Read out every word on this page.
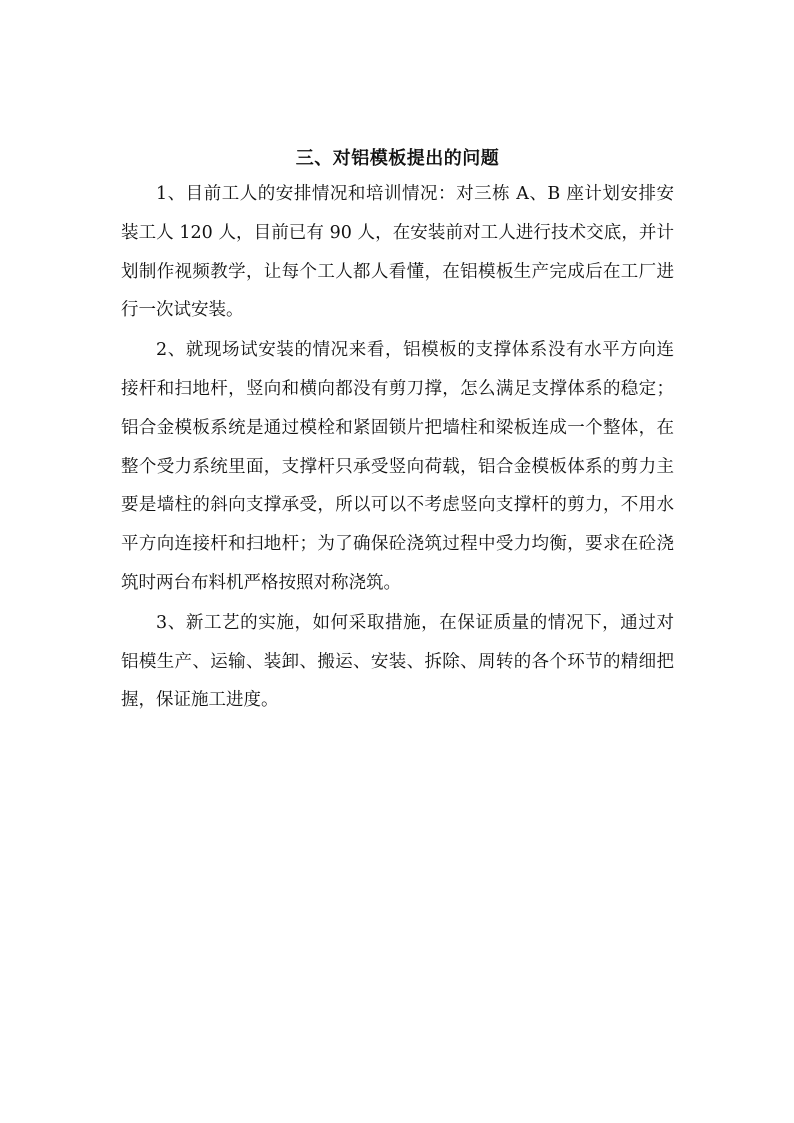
三、对铝模板提出的问题

1、目前工人的安排情况和培训情况：对三栋 A、B 座计划安排安装工人 120 人，目前已有 90 人，在安装前对工人进行技术交底，并计划制作视频教学，让每个工人都人看懂，在铝模板生产完成后在工厂进行一次试安装。

2、就现场试安装的情况来看，铝模板的支撑体系没有水平方向连接杆和扫地杆，竖向和横向都没有剪刀撑，怎么满足支撑体系的稳定；铝合金模板系统是通过模栓和紧固锁片把墙柱和梁板连成一个整体，在整个受力系统里面，支撑杆只承受竖向荷载，铝合金模板体系的剪力主要是墙柱的斜向支撑承受，所以可以不考虑竖向支撑杆的剪力，不用水平方向连接杆和扫地杆；为了确保砼浇筑过程中受力均衡，要求在砼浇筑时两台布料机严格按照对称浇筑。

3、新工艺的实施，如何采取措施，在保证质量的情况下，通过对铝模生产、运输、装卸、搬运、安装、拆除、周转的各个环节的精细把握，保证施工进度。
